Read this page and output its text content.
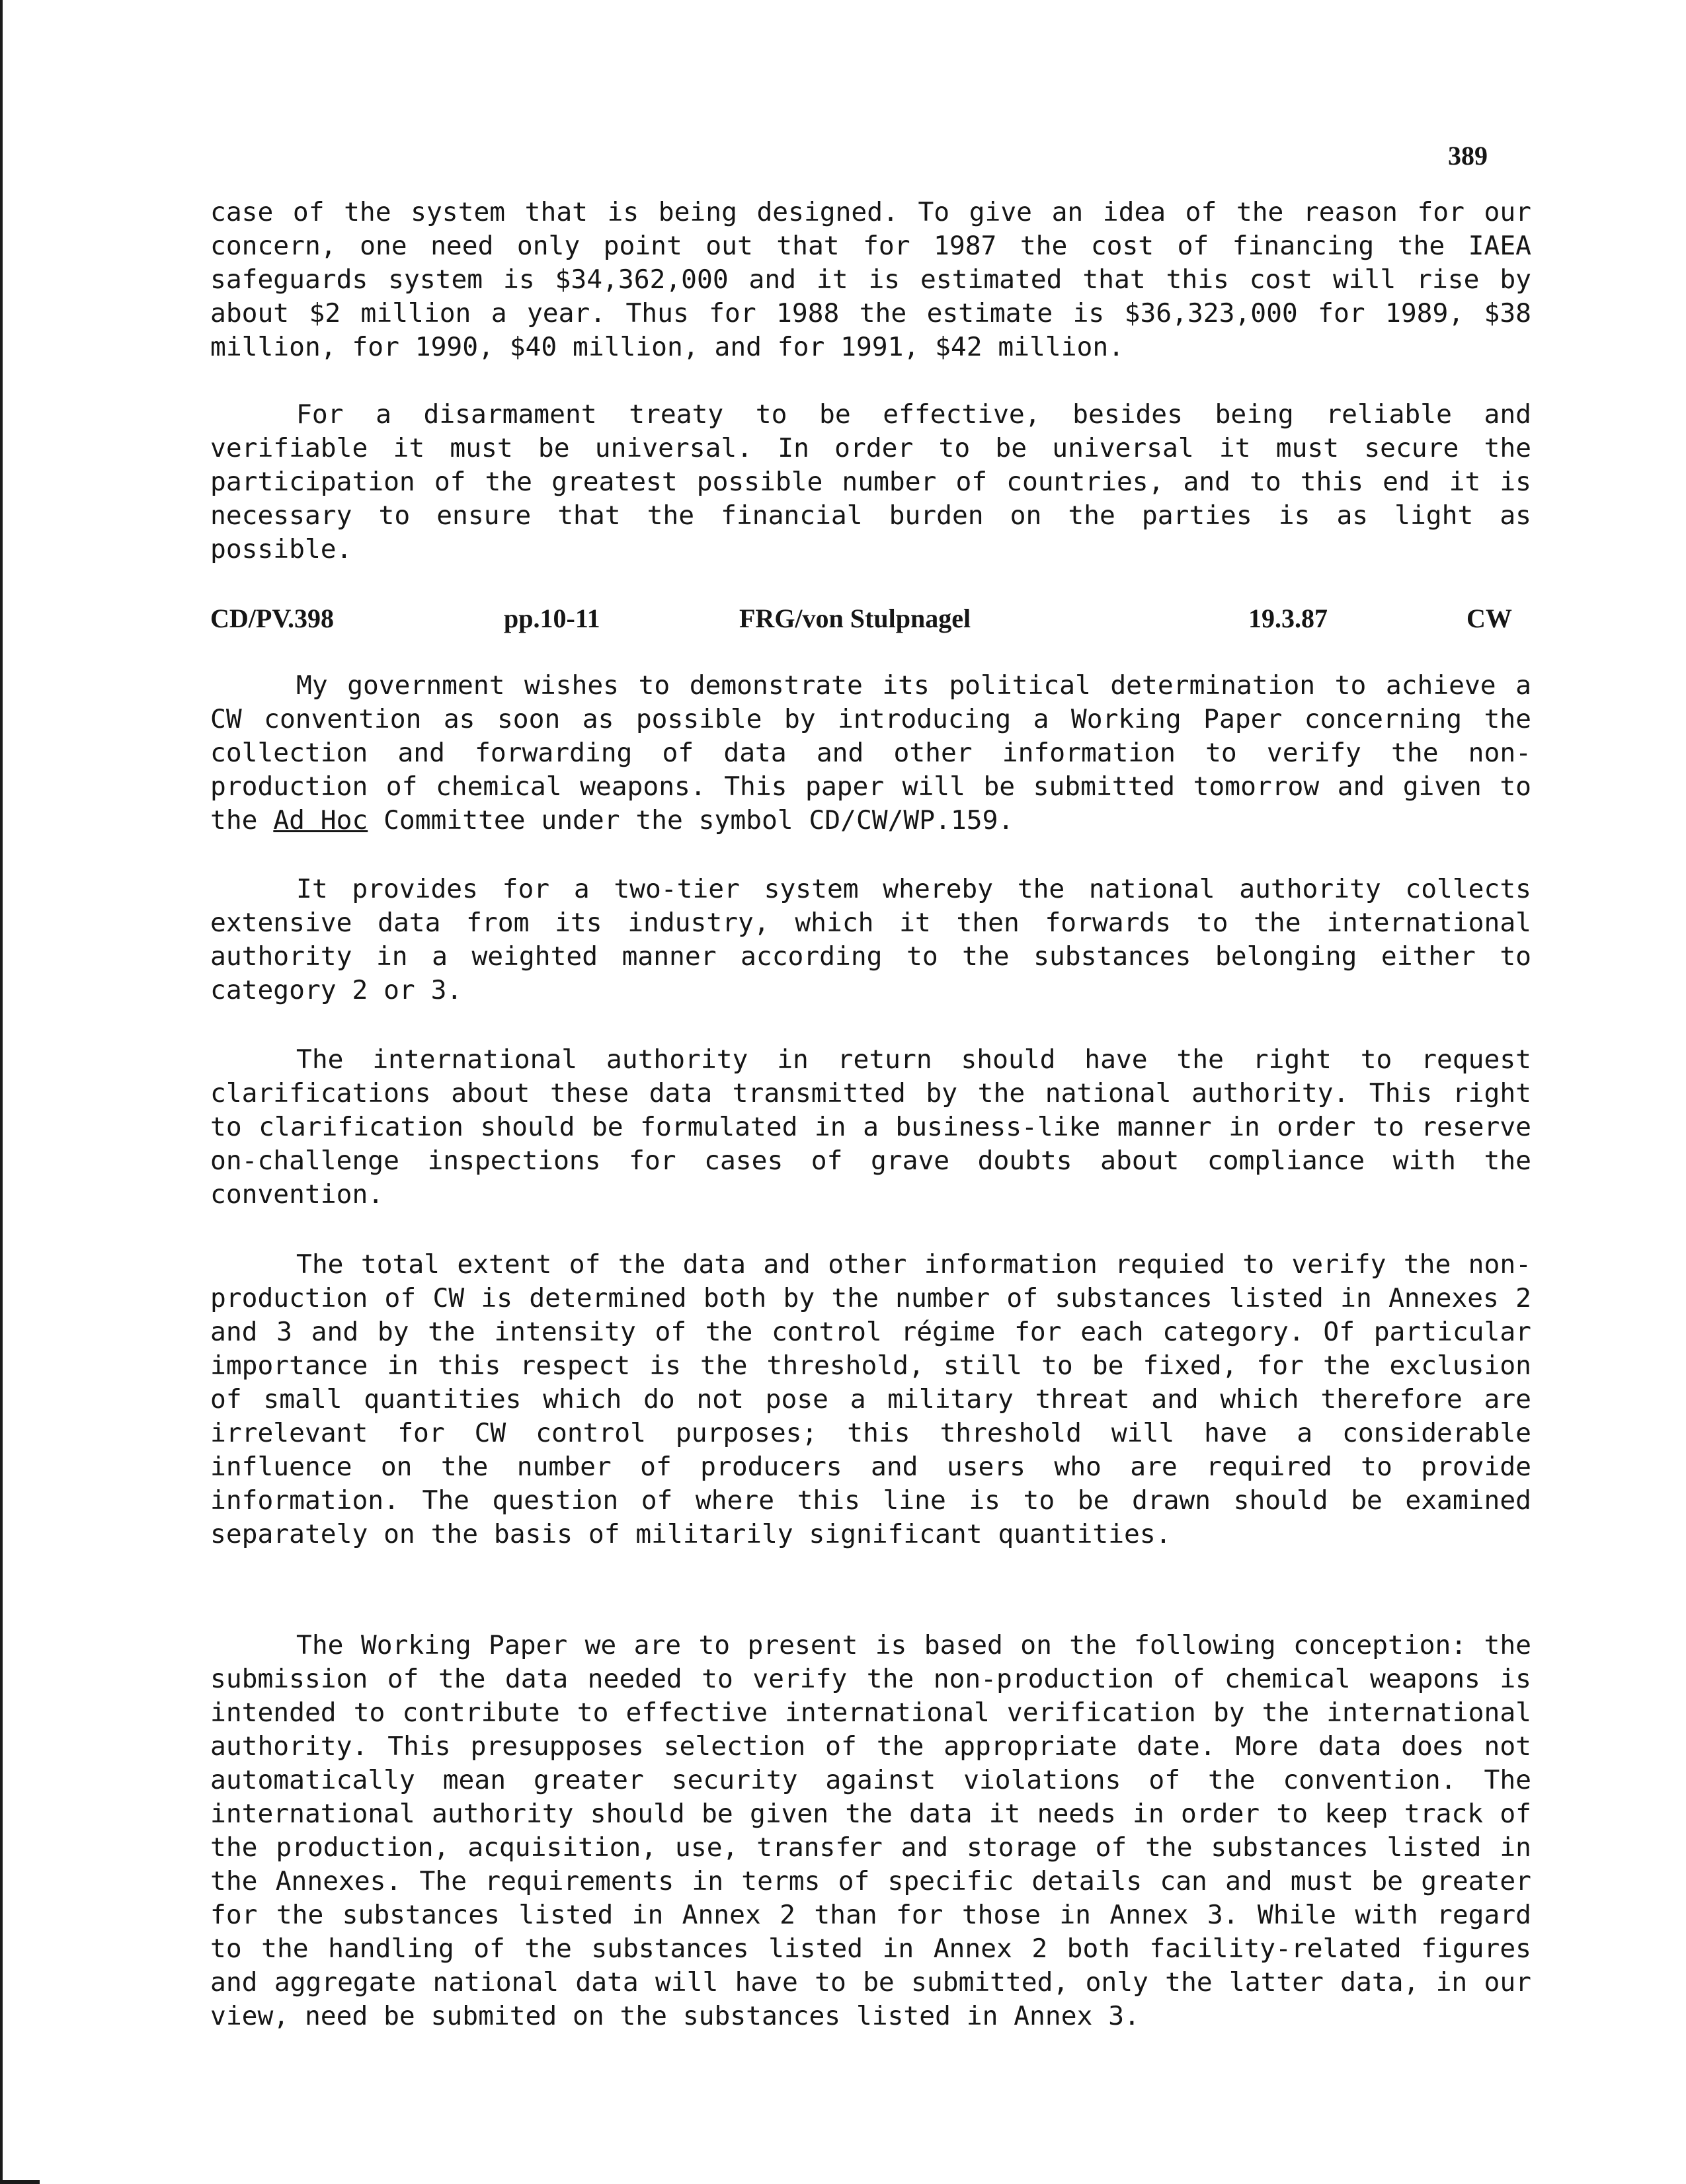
389

case of the system that is being designed. To give an idea of the reason for our concern, one need only point out that for 1987 the cost of financing the IAEA safeguards system is $34,362,000 and it is estimated that this cost will rise by about $2 million a year. Thus for 1988 the estimate is $36,323,000 for 1989, $38 million, for 1990, $40 million, and for 1991, $42 million.

For a disarmament treaty to be effective, besides being reliable and verifiable it must be universal. In order to be universal it must secure the participation of the greatest possible number of countries, and to this end it is necessary to ensure that the financial burden on the parties is as light as possible.

CD/PV.398	pp.10-11	FRG/von Stulpnagel	19.3.87	CW

My government wishes to demonstrate its political determination to achieve a CW convention as soon as possible by introducing a Working Paper concerning the collection and forwarding of data and other information to verify the non-production of chemical weapons. This paper will be submitted tomorrow and given to the Ad Hoc Committee under the symbol CD/CW/WP.159.

It provides for a two-tier system whereby the national authority collects extensive data from its industry, which it then forwards to the international authority in a weighted manner according to the substances belonging either to category 2 or 3.

The international authority in return should have the right to request clarifications about these data transmitted by the national authority. This right to clarification should be formulated in a business-like manner in order to reserve on-challenge inspections for cases of grave doubts about compliance with the convention.

The total extent of the data and other information requied to verify the non-production of CW is determined both by the number of substances listed in Annexes 2 and 3 and by the intensity of the control régime for each category. Of particular importance in this respect is the threshold, still to be fixed, for the exclusion of small quantities which do not pose a military threat and which therefore are irrelevant for CW control purposes; this threshold will have a considerable influence on the number of producers and users who are required to provide information. The question of where this line is to be drawn should be examined separately on the basis of militarily significant quantities.

The Working Paper we are to present is based on the following conception: the submission of the data needed to verify the non-production of chemical weapons is intended to contribute to effective international verification by the international authority. This presupposes selection of the appropriate date. More data does not automatically mean greater security against violations of the convention. The international authority should be given the data it needs in order to keep track of the production, acquisition, use, transfer and storage of the substances listed in the Annexes. The requirements in terms of specific details can and must be greater for the substances listed in Annex 2 than for those in Annex 3. While with regard to the handling of the substances listed in Annex 2 both facility-related figures and aggregate national data will have to be submitted, only the latter data, in our view, need be submited on the substances listed in Annex 3.
